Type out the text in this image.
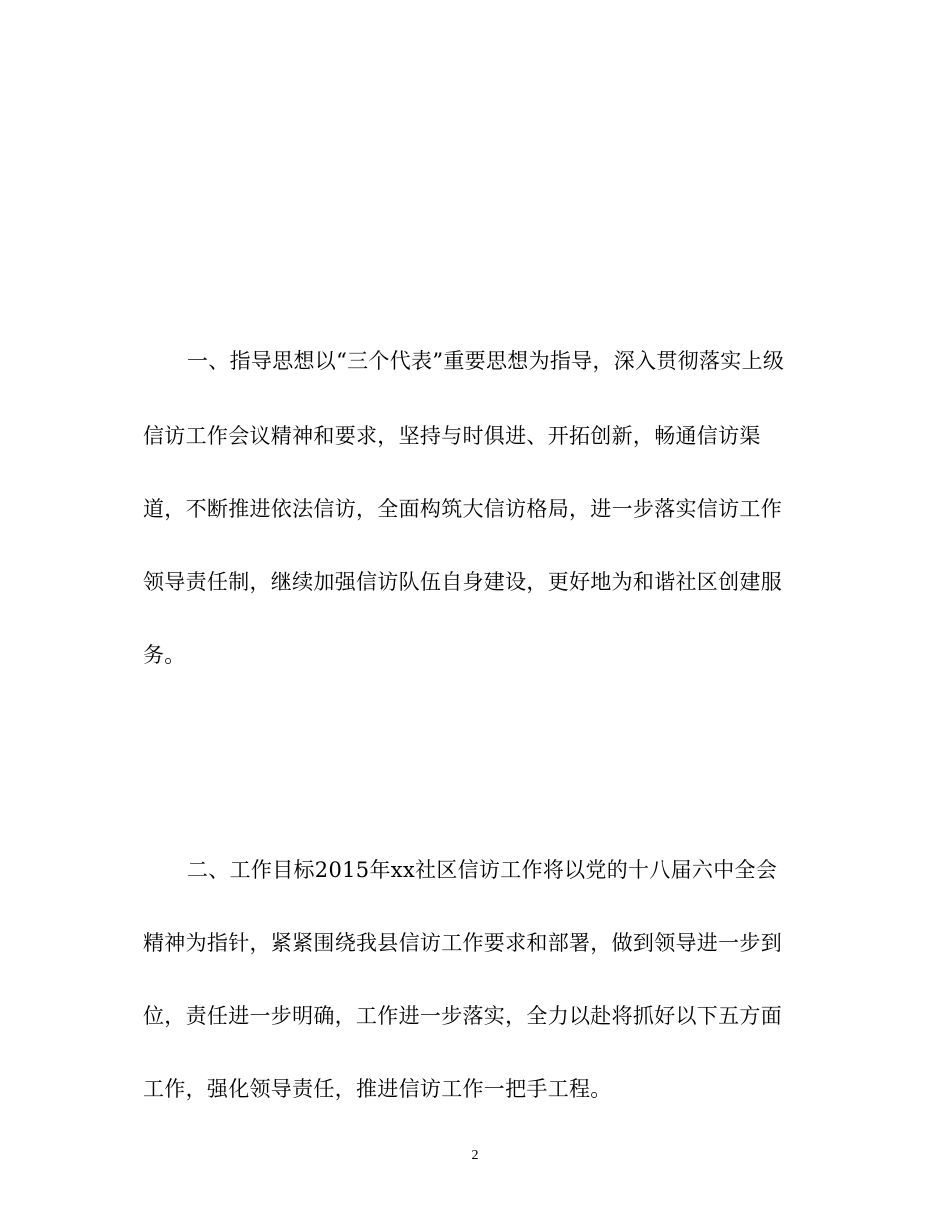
一、指导思想以“三个代表”重要思想为指导，深入贯彻落实上级
信访工作会议精神和要求，坚持与时俱进、开拓创新，畅通信访渠
道，不断推进依法信访，全面构筑大信访格局，进一步落实信访工作
领导责任制，继续加强信访队伍自身建设，更好地为和谐社区创建服
务。
二、工作目标2015年xx社区信访工作将以党的十八届六中全会
精神为指针，紧紧围绕我县信访工作要求和部署，做到领导进一步到
位，责任进一步明确，工作进一步落实，全力以赴将抓好以下五方面
工作，强化领导责任，推进信访工作一把手工程。
2
